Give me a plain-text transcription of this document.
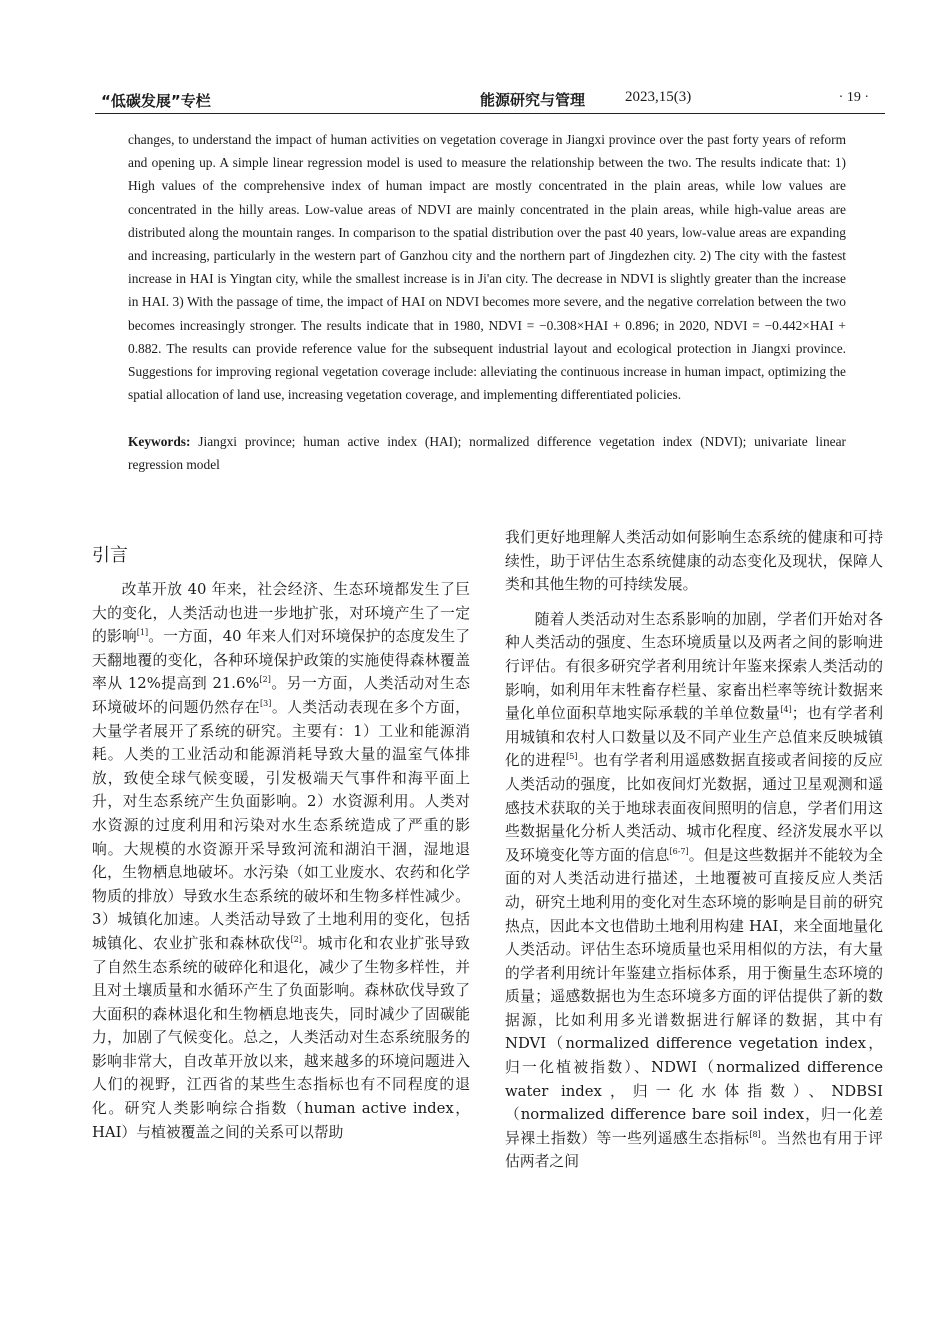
“低碳发展”专栏	能源研究与管理	2023,15(3)	· 19 ·

changes, to understand the impact of human activities on vegetation coverage in Jiangxi province over the past forty years of reform and opening up. A simple linear regression model is used to measure the relationship between the two. The results indicate that: 1) High values of the comprehensive index of human impact are mostly concentrated in the plain areas, while low values are concentrated in the hilly areas. Low-value areas of NDVI are mainly concentrated in the plain areas, while high-value areas are distributed along the mountain ranges. In comparison to the spatial distribution over the past 40 years, low-value areas are expanding and increasing, particularly in the western part of Ganzhou city and the northern part of Jingdezhen city. 2) The city with the fastest increase in HAI is Yingtan city, while the smallest increase is in Ji'an city. The decrease in NDVI is slightly greater than the increase in HAI. 3) With the passage of time, the impact of HAI on NDVI becomes more severe, and the negative correlation between the two becomes increasingly stronger. The results indicate that in 1980, NDVI = −0.308×HAI + 0.896; in 2020, NDVI = −0.442×HAI + 0.882. The results can provide reference value for the subsequent industrial layout and ecological protection in Jiangxi province. Suggestions for improving regional vegetation coverage include: alleviating the continuous increase in human impact, optimizing the spatial allocation of land use, increasing vegetation coverage, and implementing differentiated policies.

Keywords: Jiangxi province; human active index (HAI); normalized difference vegetation index (NDVI); univariate linear regression model

引言

改革开放 40 年来，社会经济、生态环境都发生了巨大的变化，人类活动也进一步地扩张，对环境产生了一定的影响[1]。一方面，40 年来人们对环境保护的态度发生了天翻地覆的变化，各种环境保护政策的实施使得森林覆盖率从 12%提高到 21.6%[2]。另一方面，人类活动对生态环境破坏的问题仍然存在[3]。人类活动表现在多个方面，大量学者展开了系统的研究。主要有：1）工业和能源消耗。人类的工业活动和能源消耗导致大量的温室气体排放，致使全球气候变暖，引发极端天气事件和海平面上升，对生态系统产生负面影响。2）水资源利用。人类对水资源的过度利用和污染对水生态系统造成了严重的影响。大规模的水资源开采导致河流和湖泊干涸，湿地退化，生物栖息地破坏。水污染（如工业废水、农药和化学物质的排放）导致水生态系统的破坏和生物多样性减少。3）城镇化加速。人类活动导致了土地利用的变化，包括城镇化、农业扩张和森林砍伐[2]。城市化和农业扩张导致了自然生态系统的破碎化和退化，减少了生物多样性，并且对土壤质量和水循环产生了负面影响。森林砍伐导致了大面积的森林退化和生物栖息地丧失，同时减少了固碳能力，加剧了气候变化。总之，人类活动对生态系统服务的影响非常大，自改革开放以来，越来越多的环境问题进入人们的视野，江西省的某些生态指标也有不同程度的退化。研究人类影响综合指数（human active index，HAI）与植被覆盖之间的关系可以帮助

我们更好地理解人类活动如何影响生态系统的健康和可持续性，助于评估生态系统健康的动态变化及现状，保障人类和其他生物的可持续发展。

随着人类活动对生态系影响的加剧，学者们开始对各种人类活动的强度、生态环境质量以及两者之间的影响进行评估。有很多研究学者利用统计年鉴来探索人类活动的影响，如利用年末牲畜存栏量、家畜出栏率等统计数据来量化单位面积草地实际承载的羊单位数量[4]；也有学者利用城镇和农村人口数量以及不同产业生产总值来反映城镇化的进程[5]。也有学者利用遥感数据直接或者间接的反应人类活动的强度，比如夜间灯光数据，通过卫星观测和遥感技术获取的关于地球表面夜间照明的信息，学者们用这些数据量化分析人类活动、城市化程度、经济发展水平以及环境变化等方面的信息[6-7]。但是这些数据并不能较为全面的对人类活动进行描述，土地覆被可直接反应人类活动，研究土地利用的变化对生态环境的影响是目前的研究热点，因此本文也借助土地利用构建 HAI，来全面地量化人类活动。评估生态环境质量也采用相似的方法，有大量的学者利用统计年鉴建立指标体系，用于衡量生态环境的质量；遥感数据也为生态环境多方面的评估提供了新的数据源，比如利用多光谱数据进行解译的数据，其中有 NDVI（normalized difference vegetation index，归一化植被指数）、NDWI（normalized difference water index，归一化水体指数）、NDBSI（normalized difference bare soil index，归一化差异裸土指数）等一些列遥感生态指标[8]。当然也有用于评估两者之间
